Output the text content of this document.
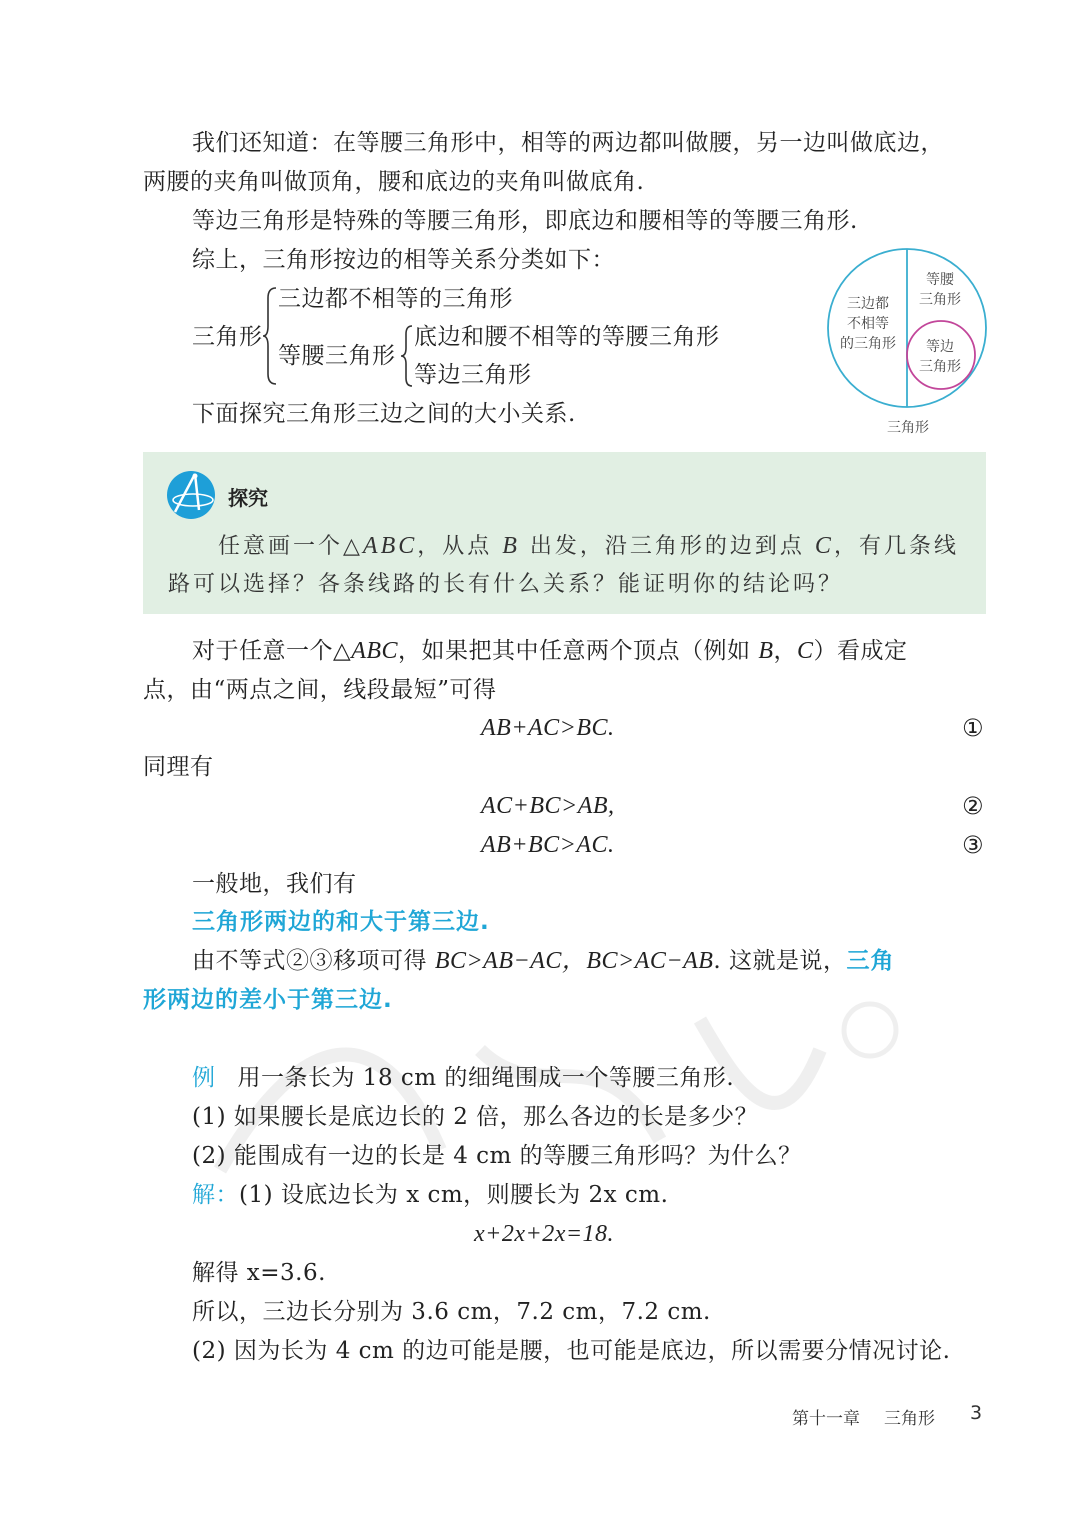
我们还知道：在等腰三角形中，相等的两边都叫做腰，另一边叫做底边，
两腰的夹角叫做顶角，腰和底边的夹角叫做底角.
等边三角形是特殊的等腰三角形，即底边和腰相等的等腰三角形.
综上，三角形按边的相等关系分类如下：
三角形
三边都不相等的三角形
等腰三角形
底边和腰不相等的等腰三角形
等边三角形
下面探究三角形三边之间的大小关系.
三边都
不相等
的三角形
等腰
三角形
等边
三角形
三角形
探究
任意画一个△ABC，从点 B 出发，沿三角形的边到点 C，有几条线
路可以选择？各条线路的长有什么关系？能证明你的结论吗？
对于任意一个△ABC，如果把其中任意两个顶点（例如 B，C）看成定
点，由“两点之间，线段最短”可得
AB+AC>BC.	①
同理有
AC+BC>AB,	②
AB+BC>AC.	③
一般地，我们有
三角形两边的和大于第三边.
由不等式②③移项可得 BC>AB−AC，BC>AC−AB. 这就是说，三角
形两边的差小于第三边.
例 用一条长为 18 cm 的细绳围成一个等腰三角形.
(1) 如果腰长是底边长的 2 倍，那么各边的长是多少？
(2) 能围成有一边的长是 4 cm 的等腰三角形吗？为什么？
解：(1) 设底边长为 x cm，则腰长为 2x cm.
x+2x+2x=18.
解得 x=3.6.
所以，三边长分别为 3.6 cm，7.2 cm，7.2 cm.
(2) 因为长为 4 cm 的边可能是腰，也可能是底边，所以需要分情况讨论.
第十一章 三角形 3
